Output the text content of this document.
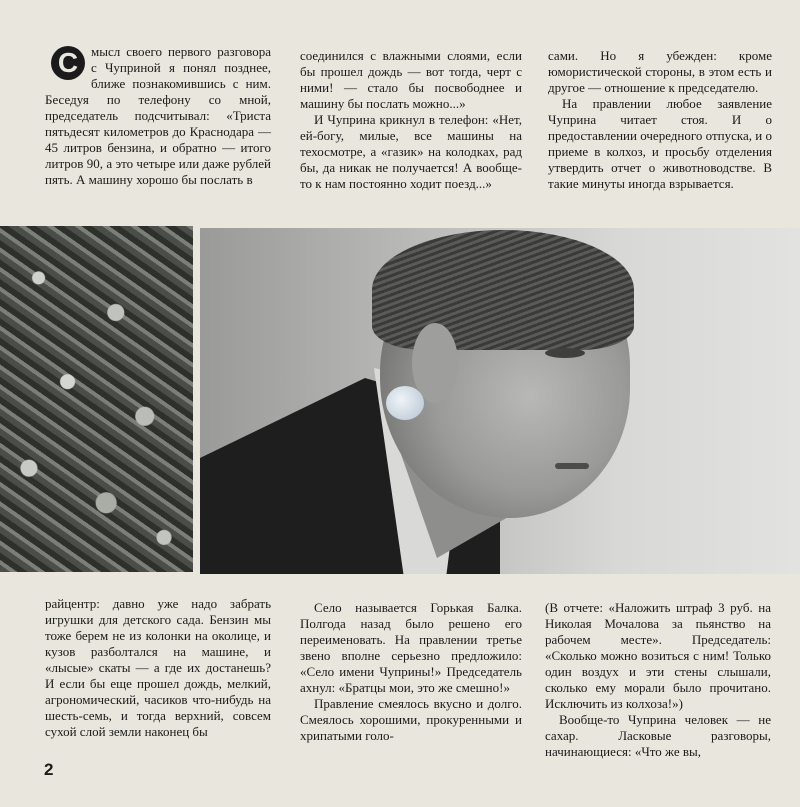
С мысл своего первого разговора с Чуприной я понял позднее, ближе познакомившись с ним. Беседуя по телефону со мной, председатель подсчитывал: «Триста пятьдесят километров до Краснодара — 45 литров бензина, и обратно — итого литров 90, а это четыре или даже рублей пять. А машину хорошо бы послать в

соединился с влажными слоями, если бы прошел дождь — вот тогда, черт с ними! — стало бы посвободнее и машину бы послать можно...»

И Чуприна крикнул в телефон: «Нет, ей-богу, милые, все машины на техосмотре, а «газик» на колодках, рад бы, да никак не получается! А вообще-то к нам постоянно ходит поезд...»

сами. Но я убежден: кроме юмористической стороны, в этом есть и другое — отношение к председателю.

На правлении любое заявление Чуприна читает стоя. И о предоставлении очередного отпуска, и о приеме в колхоз, и просьбу отделения утвердить отчет о животноводстве. В такие минуты иногда взрывается.

райцентр: давно уже надо забрать игрушки для детского сада. Бензин мы тоже берем не из колонки на околице, и кузов разболтался на машине, и «лысые» скаты — а где их достанешь? И если бы еще прошел дождь, мелкий, агрономический, часиков что-нибудь на шесть-семь, и тогда верхний, совсем сухой слой земли наконец бы

Село называется Горькая Балка. Полгода назад было решено его переименовать. На правлении третье звено вполне серьезно предложило: «Село имени Чуприны!» Председатель ахнул: «Братцы мои, это же смешно!»

Правление смеялось вкусно и долго. Смеялось хорошими, прокуренными и хрипатыми голо-

(В отчете: «Наложить штраф 3 руб. на Николая Мочалова за пьянство на рабочем месте». Председатель: «Сколько можно возиться с ним! Только один воздух и эти стены слышали, сколько ему морали было прочитано. Исключить из колхоза!»)

Вообще-то Чуприна человек — не сахар. Ласковые разговоры, начинающиеся: «Что же вы,

2
